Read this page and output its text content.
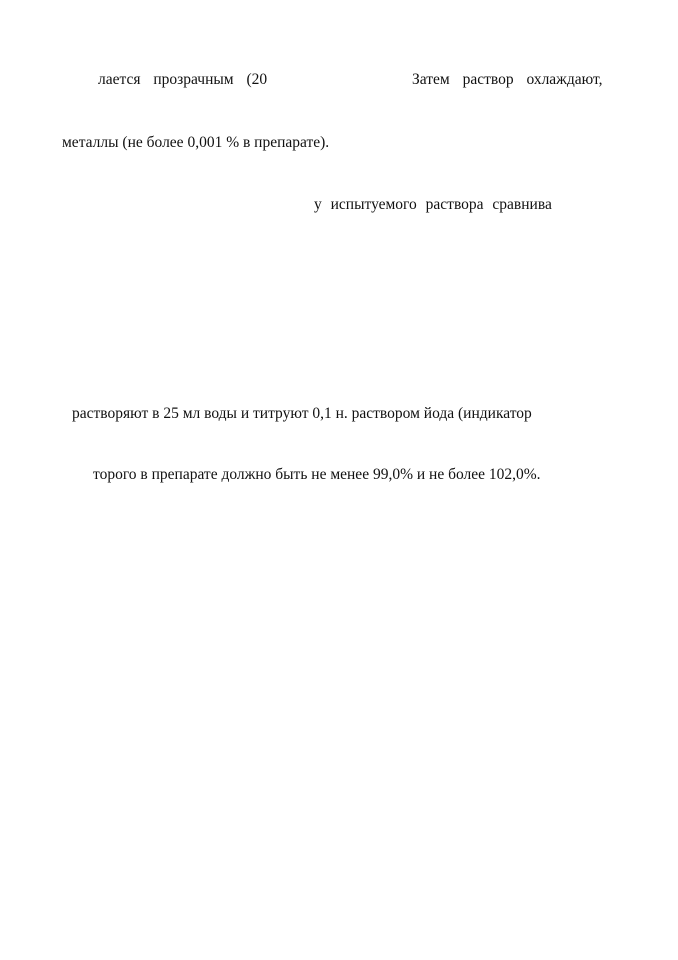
лается прозрачным (20	Затем раствор охлаждают,
металлы (не более 0,001 % в препарате).
у испытуемого раствора сравнива
растворяют в 25 мл воды и титруют 0,1 н. раствором йода (индикатор
торого в препарате должно быть не менее 99,0% и не более 102,0%.
